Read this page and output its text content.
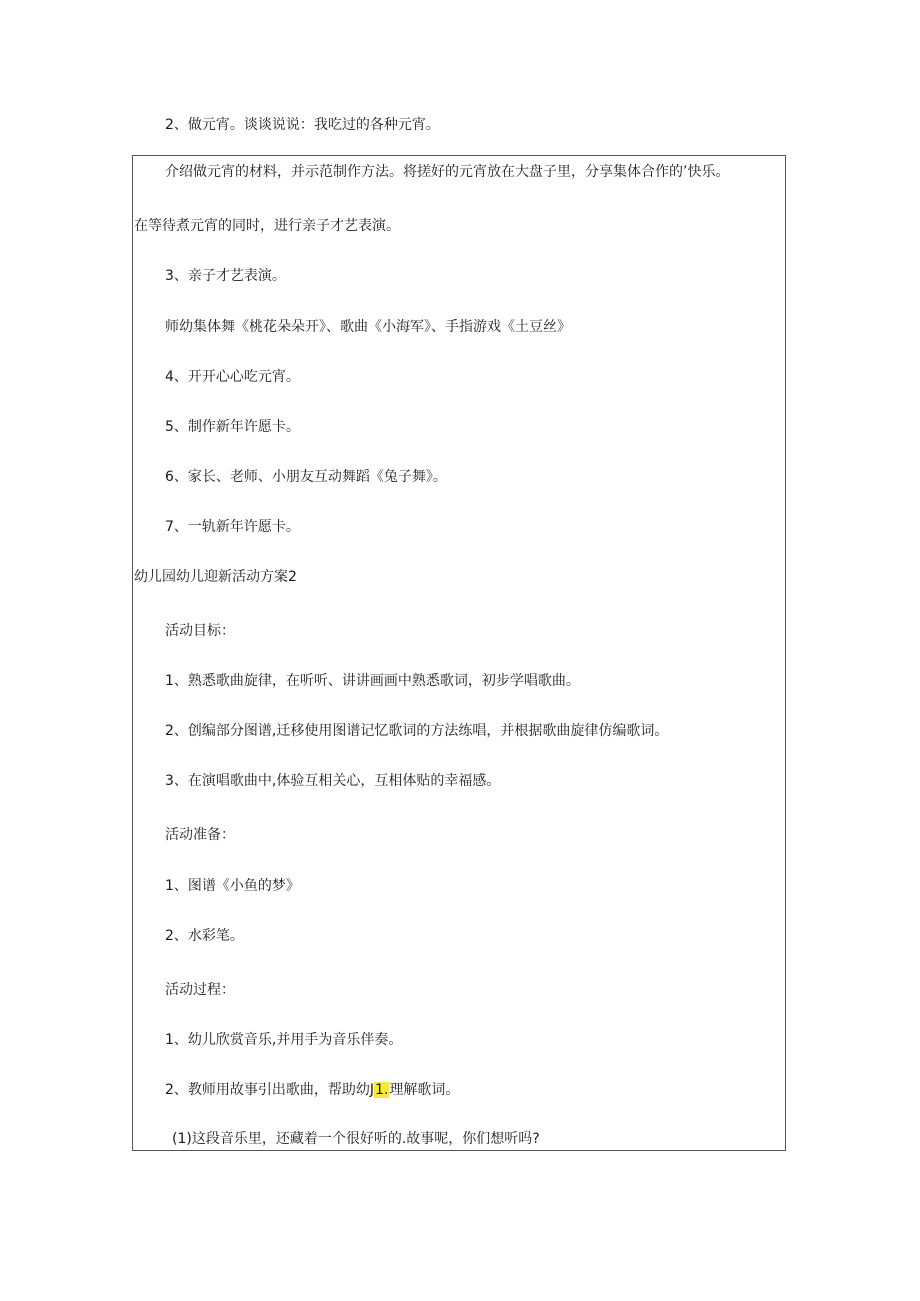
2、做元宵。谈谈说说：我吃过的各种元宵。
介绍做元宵的材料，并示范制作方法。将搓好的元宵放在大盘子里，分享集体合作的’快乐。
在等待煮元宵的同时，进行亲子才艺表演。
3、亲子才艺表演。
师幼集体舞《桃花朵朵开》、歌曲《小海军》、手指游戏《土豆丝》
4、开开心心吃元宵。
5、制作新年许愿卡。
6、家长、老师、小朋友互动舞蹈《兔子舞》。
7、一轨新年许愿卡。
幼儿园幼儿迎新活动方案2
活动目标：
1、熟悉歌曲旋律，在听听、讲讲画画中熟悉歌词，初步学唱歌曲。
2、创编部分图谱,迁移使用图谱记忆歌词的方法练唱，并根据歌曲旋律仿编歌词。
3、在演唱歌曲中,体验互相关心，互相体贴的幸福感。
活动准备：
1、图谱《小鱼的梦》
2、水彩笔。
活动过程：
1、幼儿欣赏音乐,并用手为音乐伴奏。
2、教师用故事引出歌曲，帮助幼J1.理解歌词。
(1)这段音乐里，还藏着一个很好听的.故事呢，你们想听吗?
